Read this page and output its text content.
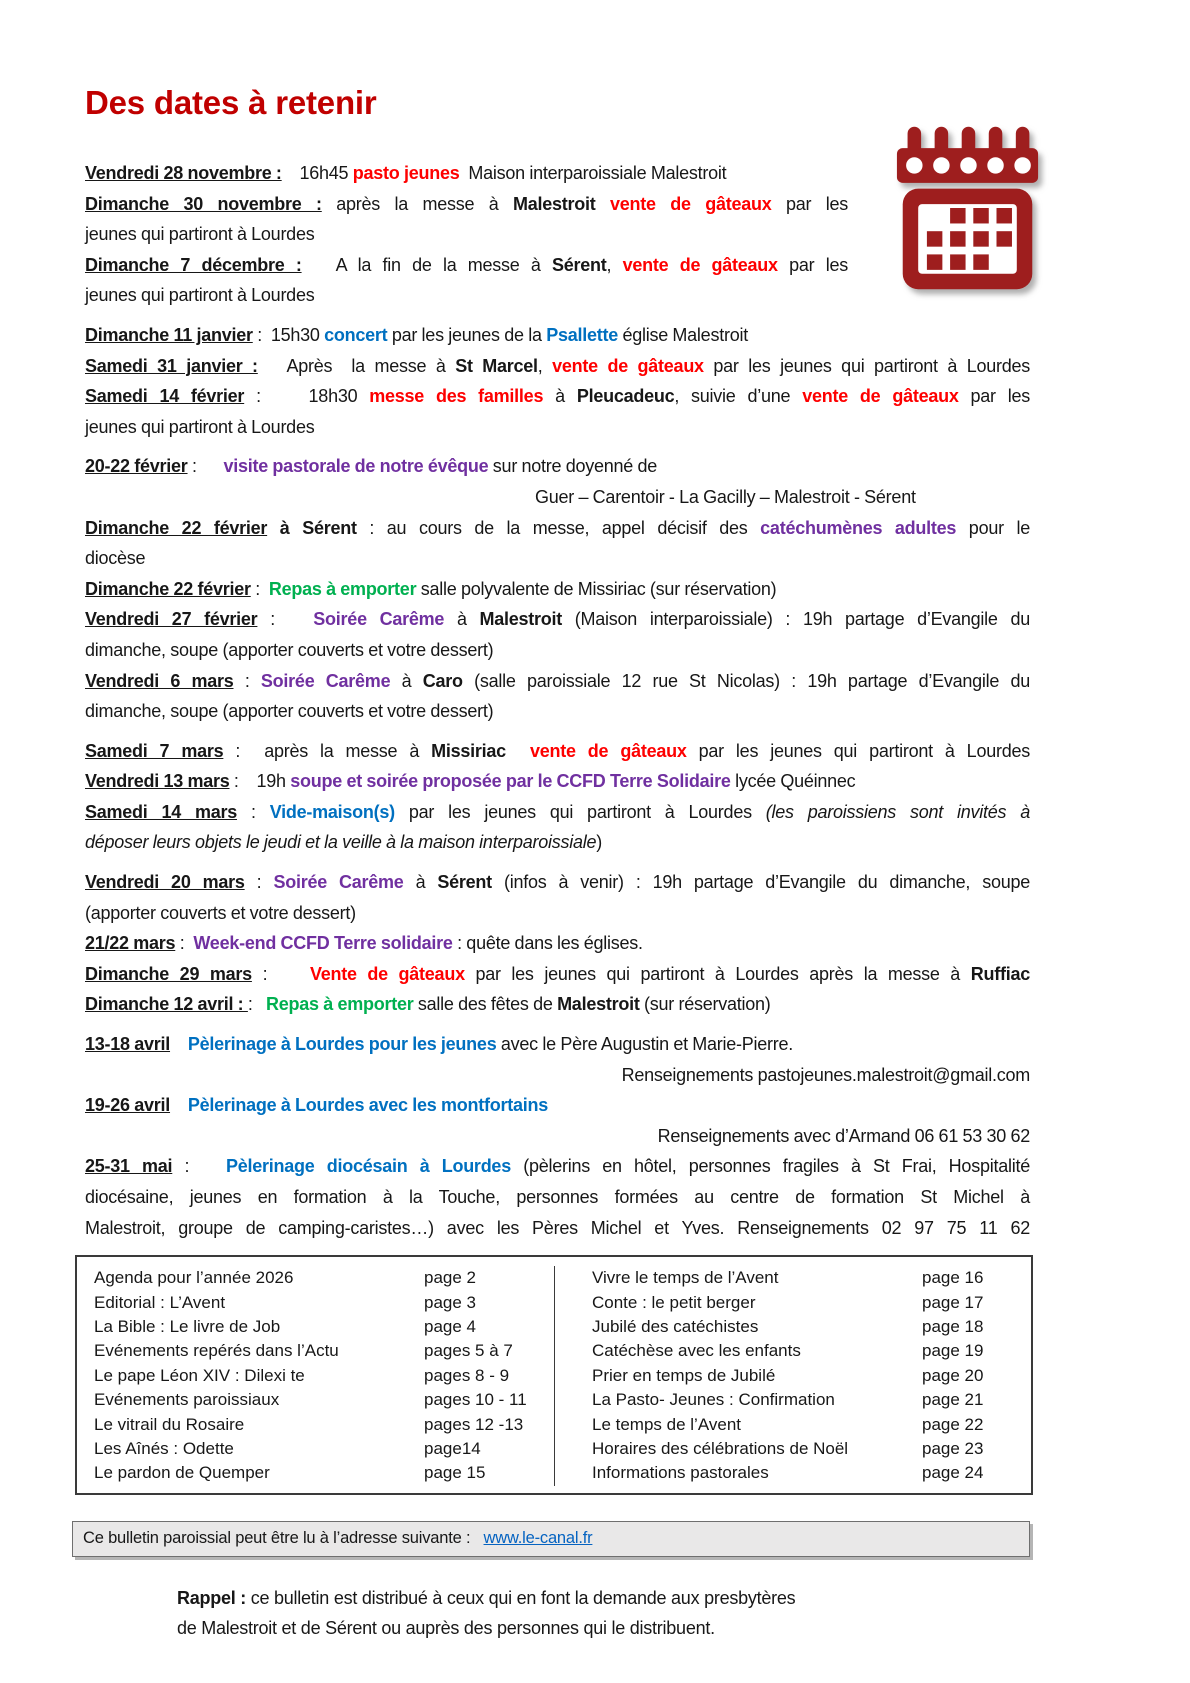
Des dates à retenir
Vendredi 28 novembre :    16h45 pasto jeunes  Maison interparoissiale Malestroit
Dimanche 30 novembre : après la messe à Malestroit vente de gâteaux par les
jeunes qui partiront à Lourdes
Dimanche 7 décembre :   A la fin de la messe à Sérent, vente de gâteaux par les
jeunes qui partiront à Lourdes
Dimanche 11 janvier :  15h30 concert par les jeunes de la Psallette église Malestroit
Samedi 31 janvier :   Après  la messe à St Marcel, vente de gâteaux par les jeunes qui partiront à Lourdes
Samedi 14 février :    18h30 messe des familles à Pleucadeuc, suivie d’une vente de gâteaux par les
jeunes qui partiront à Lourdes
20-22 février :      visite pastorale de notre évêque sur notre doyenné de
Guer – Carentoir - La Gacilly – Malestroit - Sérent
Dimanche 22 février à Sérent : au cours de la messe, appel décisif des catéchumènes adultes pour le
diocèse
Dimanche 22 février :  Repas à emporter salle polyvalente de Missiriac (sur réservation)
Vendredi 27 février :   Soirée Carême à Malestroit (Maison interparoissiale) : 19h partage d’Evangile du
dimanche, soupe (apporter couverts et votre dessert)
Vendredi 6 mars : Soirée Carême à Caro (salle paroissiale 12 rue St Nicolas) : 19h partage d’Evangile du
dimanche, soupe (apporter couverts et votre dessert)
Samedi 7 mars :  après la messe à Missiriac vente de gâteaux par les jeunes qui partiront à Lourdes
Vendredi 13 mars :    19h soupe et soirée proposée par le CCFD Terre Solidaire lycée Quéinnec
Samedi 14 mars : Vide-maison(s) par les jeunes qui partiront à Lourdes (les paroissiens sont invités à
déposer leurs objets le jeudi et la veille à la maison interparoissiale)
Vendredi 20 mars : Soirée Carême à Sérent (infos à venir) : 19h partage d’Evangile du dimanche, soupe
(apporter couverts et votre dessert)
21/22 mars :  Week-end CCFD Terre solidaire : quête dans les églises.
Dimanche 29 mars :    Vente de gâteaux par les jeunes qui partiront à Lourdes après la messe à Ruffiac
Dimanche 12 avril : :   Repas à emporter salle des fêtes de Malestroit (sur réservation)
13-18 avril Pèlerinage à Lourdes pour les jeunes avec le Père Augustin et Marie-Pierre.
Renseignements pastojeunes.malestroit@gmail.com
19-26 avril Pèlerinage à Lourdes avec les montfortains
Renseignements avec d’Armand 06 61 53 30 62
25-31 mai :   Pèlerinage diocésain à Lourdes (pèlerins en hôtel, personnes fragiles à St Frai, Hospitalité
diocésaine, jeunes en formation à la Touche, personnes formées au centre de formation St Michel à
Malestroit, groupe de camping-caristes…) avec les Pères Michel et Yves. Renseignements 02 97 75 11 62
Agenda pour l’année 2026	page 2
Editorial : L’Avent	page 3
La Bible : Le livre de Job	page 4
Evénements repérés dans l’Actu	pages 5 à 7
Le pape Léon XIV : Dilexi te	pages 8 - 9
Evénements paroissiaux	pages 10 - 11
Le vitrail du Rosaire	pages 12 -13
Les Aînés : Odette	page14
Le pardon de Quemper	page 15
Vivre le temps de l’Avent	page 16
Conte : le petit berger	page 17
Jubilé des catéchistes	page 18
Catéchèse avec les enfants	page 19
Prier en temps de Jubilé	page 20
La Pasto- Jeunes : Confirmation	page 21
Le temps de l’Avent	page 22
Horaires des célébrations de Noël	page 23
Informations pastorales	page 24
Ce bulletin paroissial peut être lu à l’adresse suivante :   www.le-canal.fr
Rappel : ce bulletin est distribué à ceux qui en font la demande aux presbytères
de Malestroit et de Sérent ou auprès des personnes qui le distribuent.
